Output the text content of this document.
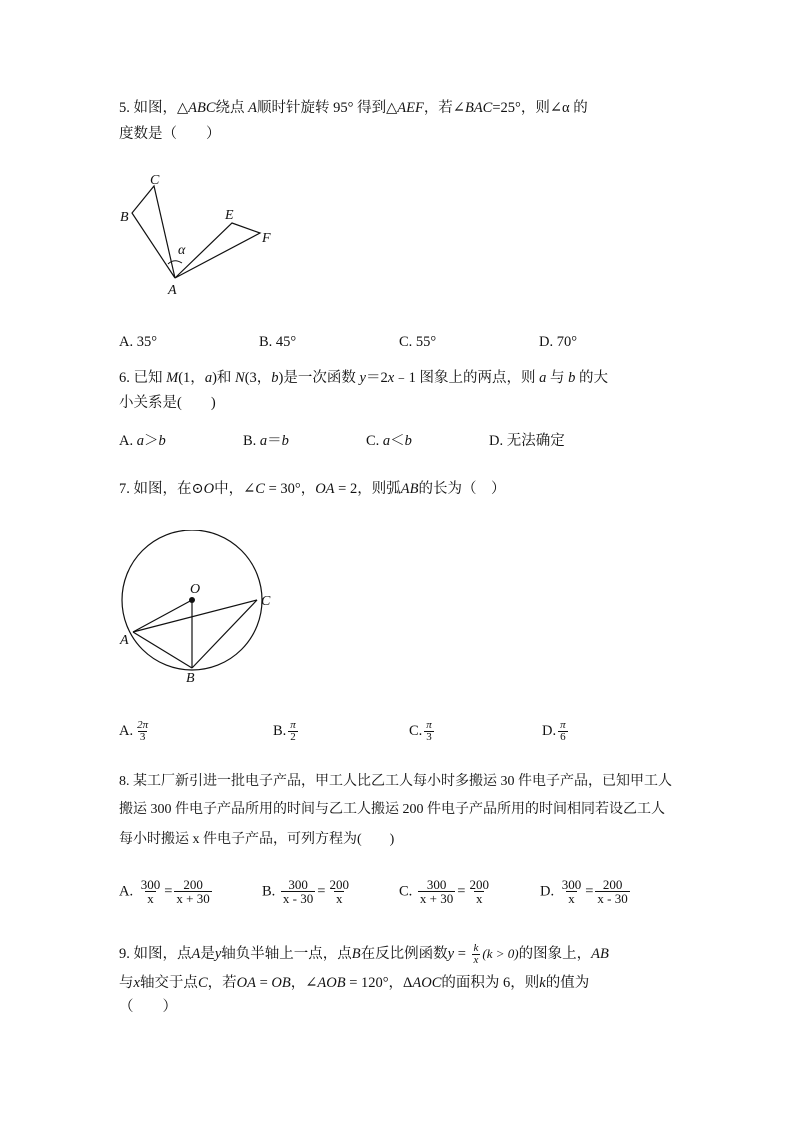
5. 如图，△ABC绕点 A顺时针旋转 95° 得到△AEF，若∠BAC=25°，则∠α 的
度数是（　　）
A
B
C
E
F
α
A. 35°	B. 45°	C. 55°	D. 70°
6. 已知 M(1，a)和 N(3，b)是一次函数 y＝2x﹣1 图象上的两点，则 a 与 b 的大
小关系是(　　)
A. a＞b	B. a＝b	C. a＜b	D. 无法确定
7. 如图，在⊙O中，∠C = 30°，OA = 2，则弧AB的长为（　）
O
A
B
C
A. $\frac{2\pi}{3}$	B. $\frac{\pi}{2}$	C. $\frac{\pi}{3}$	D. $\frac{\pi}{6}$
8. 某工厂新引进一批电子产品，甲工人比乙工人每小时多搬运 30 件电子产品，已知甲工人
搬运 300 件电子产品所用的时间与乙工人搬运 200 件电子产品所用的时间相同若设乙工人
每小时搬运 x 件电子产品，可列方程为(　　)
A. $\frac{300}{x} = \frac{200}{x + 30}$	B. $\frac{300}{x - 30} = \frac{200}{x}$	C. $\frac{300}{x + 30} = \frac{200}{x}$	D. $\frac{300}{x} = \frac{200}{x - 30}$
9. 如图，点A是y轴负半轴上一点，点B在反比例函数$y = \frac{k}{x} (k > 0)$的图象上，AB
与x轴交于点C，若OA = OB，∠AOB = 120°，ΔAOC的面积为 6，则k的值为
（　　）
